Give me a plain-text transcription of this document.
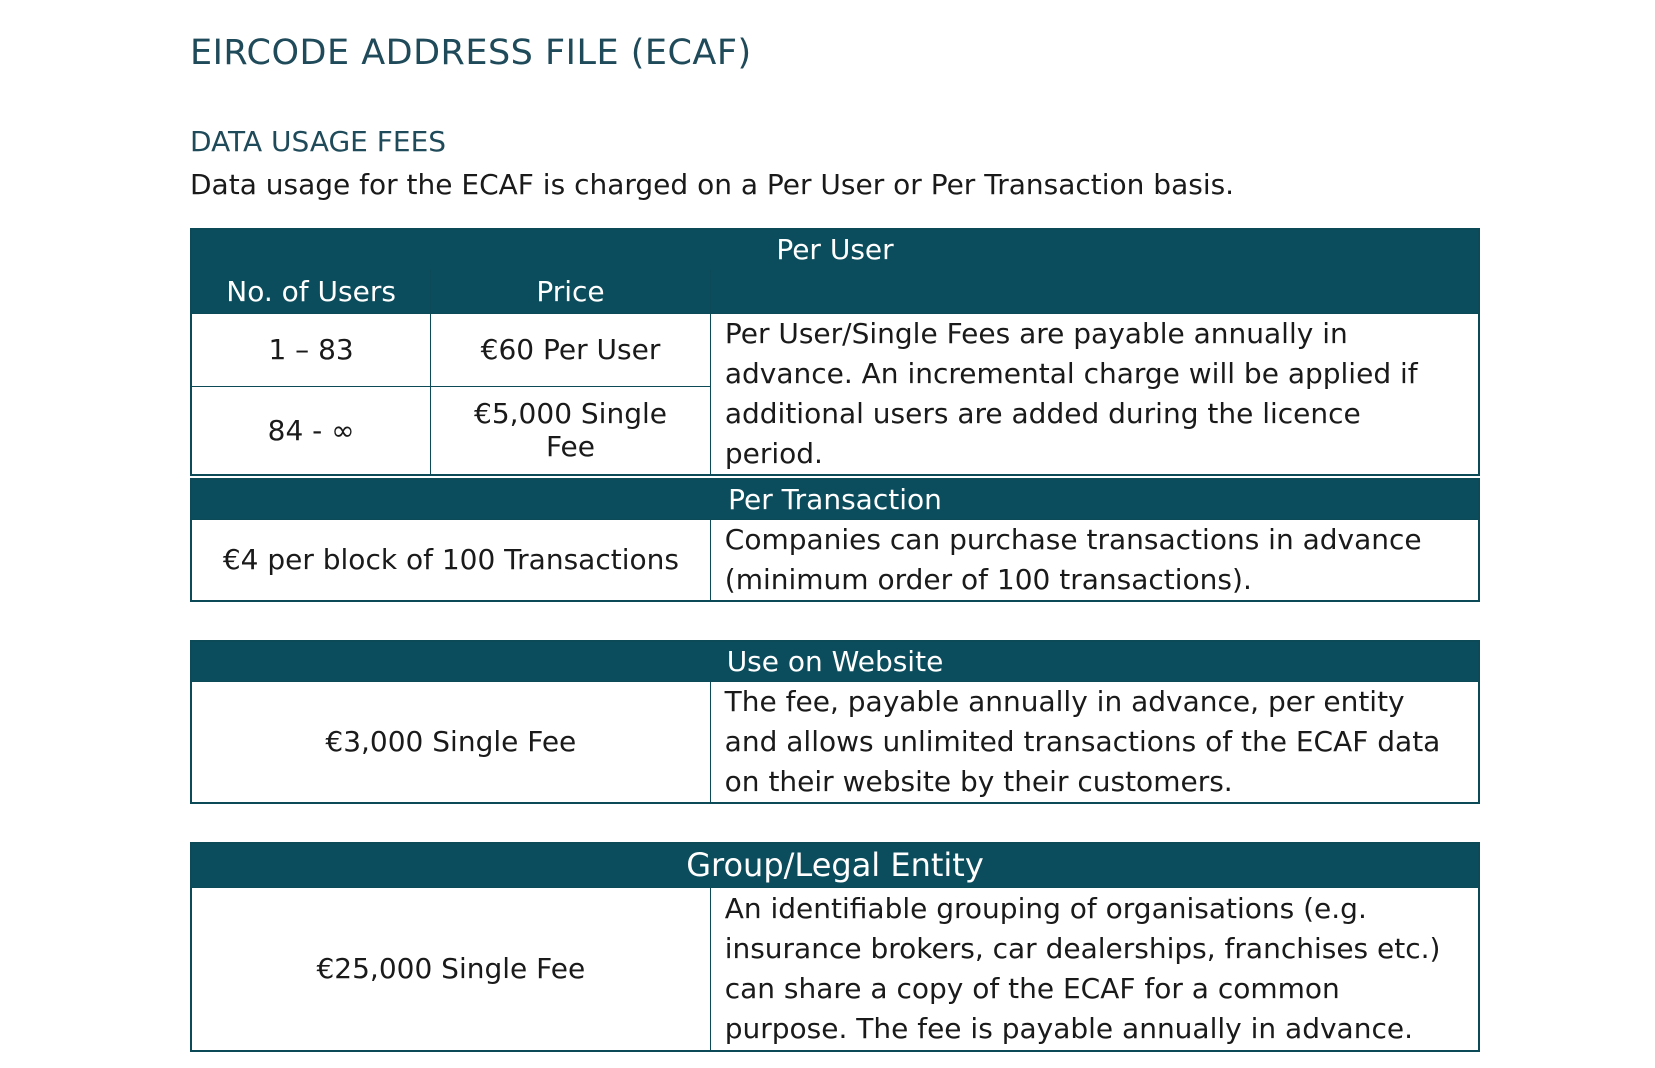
EIRCODE ADDRESS FILE (ECAF)
DATA USAGE FEES

Data usage for the ECAF is charged on a Per User or Per Transaction basis.

Per User		
No. of Users	Price	
1 – 83	€60 Per User	Per User/Single Fees are payable annually in advance. An incremental charge will be applied if additional users are added during the licence period.
84 - ∞	€5,000 Single Fee	
Per Transaction
€4 per block of 100 Transactions	Companies can purchase transactions in advance (minimum order of 100 transactions).
Use on Website
€3,000 Single Fee	The fee, payable annually in advance, per entity and allows unlimited transactions of the ECAF data on their website by their customers.
Group/Legal Entity
€25,000 Single Fee	An identifiable grouping of organisations (e.g. insurance brokers, car dealerships, franchises etc.) can share a copy of the ECAF for a common purpose. The fee is payable annually in advance.
